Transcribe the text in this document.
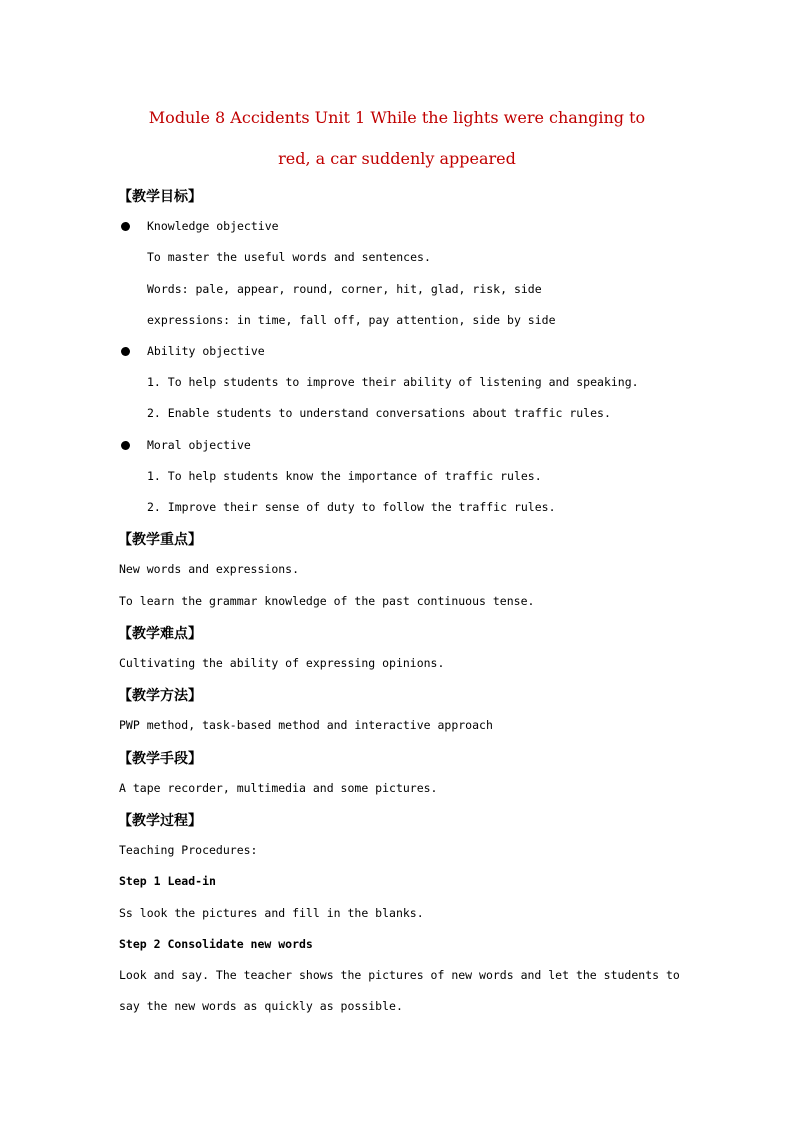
Module 8 Accidents Unit 1 While the lights were changing to
red, a car suddenly appeared
【教学目标】
Knowledge objective
To master the useful words and sentences.
Words: pale, appear, round, corner, hit, glad, risk, side
expressions: in time, fall off, pay attention, side by side
Ability objective
1. To help students to improve their ability of listening and speaking.
2. Enable students to understand conversations about traffic rules.
Moral objective
1. To help students know the importance of traffic rules.
2. Improve their sense of duty to follow the traffic rules.
【教学重点】
New words and expressions.
To learn the grammar knowledge of the past continuous tense.
【教学难点】
Cultivating the ability of expressing opinions.
【教学方法】
PWP method, task-based method and interactive approach
【教学手段】
A tape recorder, multimedia and some pictures.
【教学过程】
Teaching Procedures:
Step 1 Lead-in
Ss look the pictures and fill in the blanks.
Step 2 Consolidate new words
Look and say. The teacher shows the pictures of new words and let the students to
say the new words as quickly as possible.
